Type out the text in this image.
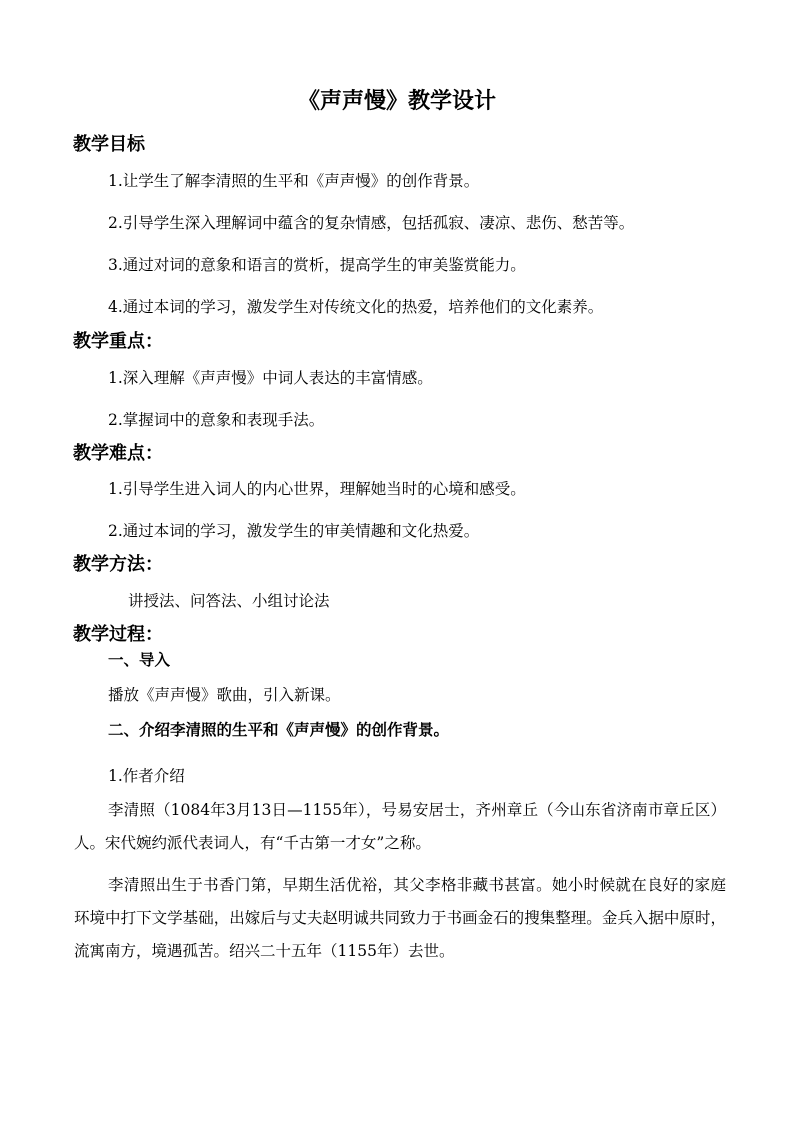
《声声慢》教学设计
教学目标
1.让学生了解李清照的生平和《声声慢》的创作背景。
2.引导学生深入理解词中蕴含的复杂情感，包括孤寂、凄凉、悲伤、愁苦等。
3.通过对词的意象和语言的赏析，提高学生的审美鉴赏能力。
4.通过本词的学习，激发学生对传统文化的热爱，培养他们的文化素养。
教学重点：
1.深入理解《声声慢》中词人表达的丰富情感。
2.掌握词中的意象和表现手法。
教学难点：
1.引导学生进入词人的内心世界，理解她当时的心境和感受。
2.通过本词的学习，激发学生的审美情趣和文化热爱。
教学方法：
讲授法、问答法、小组讨论法
教学过程：
一、导入
播放《声声慢》歌曲，引入新课。
二、介绍李清照的生平和《声声慢》的创作背景。
1.作者介绍

李清照（1084年3月13日—1155年），号易安居士，齐州章丘（今山东省济南市章丘区）人。宋代婉约派代表词人，有“千古第一才女”之称。

李清照出生于书香门第，早期生活优裕，其父李格非藏书甚富。她小时候就在良好的家庭环境中打下文学基础，出嫁后与丈夫赵明诚共同致力于书画金石的搜集整理。金兵入据中原时，流寓南方，境遇孤苦。绍兴二十五年（1155年）去世。
